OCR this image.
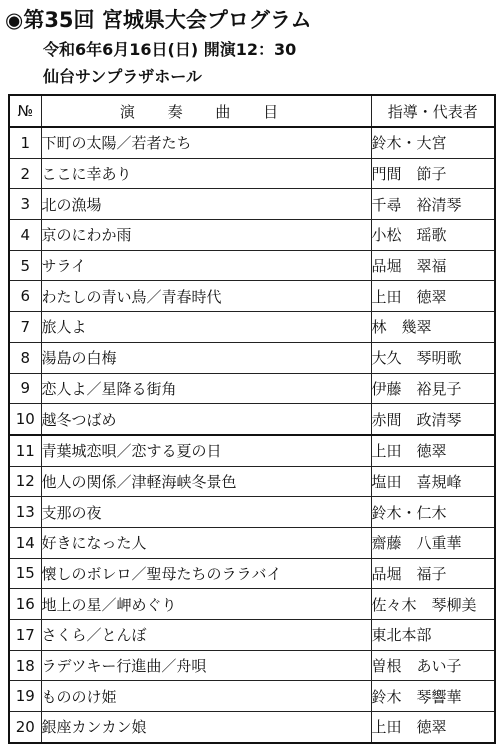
◉第35回 宮城県大会プログラム
令和6年6月16日(日) 開演12：30
仙台サンプラザホール
№	演 奏 曲 目	指導・代表者
1	下町の太陽／若者たち	鈴木・大宮
2	ここに幸あり	門間　節子
3	北の漁場	千尋　裕清琴
4	京のにわか雨	小松　瑶歌
5	サライ	品堀　翠福
6	わたしの青い鳥／青春時代	上田　徳翠
7	旅人よ	林　幾翠
8	湯島の白梅	大久　琴明歌
9	恋人よ／星降る街角	伊藤　裕見子
10	越冬つばめ	赤間　政清琴
11	青葉城恋唄／恋する夏の日	上田　徳翠
12	他人の関係／津軽海峡冬景色	塩田　喜規峰
13	支那の夜	鈴木・仁木
14	好きになった人	齋藤　八重華
15	懐しのボレロ／聖母たちのララバイ	品堀　福子
16	地上の星／岬めぐり	佐々木　琴柳美
17	さくら／とんぼ	東北本部
18	ラデツキー行進曲／舟唄	曽根　あい子
19	もののけ姫	鈴木　琴響華
20	銀座カンカン娘	上田　徳翠
